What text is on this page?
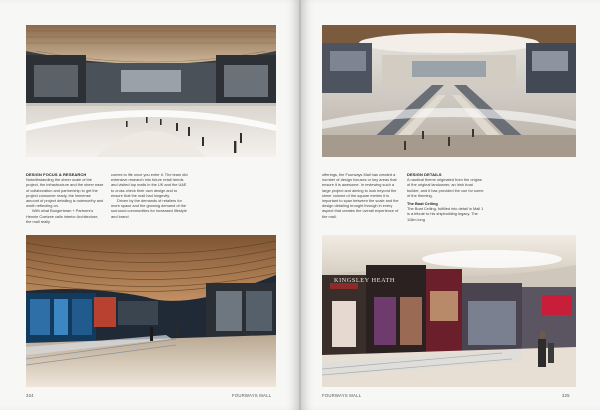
DESIGN FOCUS & RESEARCH

Notwithstanding the sheer scale of the project, the infrastructure and the sheer ease of collaboration and partnership to get the project consumer ready, the immense amount of project detailing is noteworthy and worth reflecting on.

With what Boogertman + Partners's Hennie Coetzee calls interior Architecture, the mall really

comes to life once you enter it. The team did extensive research into future retail trends and visited top malls in the UK and the UAE to cross check their own design and to ensure that the mall had longevity.

Driven by the demands of retailers for more space and the growing demand of the surround communities for increased lifestyle and brand

324	FOURWAYS MALL

offerings, the Fourways Mall has created a number of design focuses or key areas that ensure it is awesome. In reviewing such a large project and aiming to look beyond the sheer volume of the square metres it is important to span between the scale and the design detailing brought through in every aspect that creates the overall experience of the mall.

DESIGN DETAILS

A nautical theme originated from the origins of the original landowner, an Irish boat builder, and it has provided the cue for some of the theming.

The Boat Ceiling

The Boat Ceiling, fulfilled into detail in Mall 1 is a tribute to his shipbuilding legacy. The 118m long

KINGSLEY HEATH
FOURWAYS MALL	325
